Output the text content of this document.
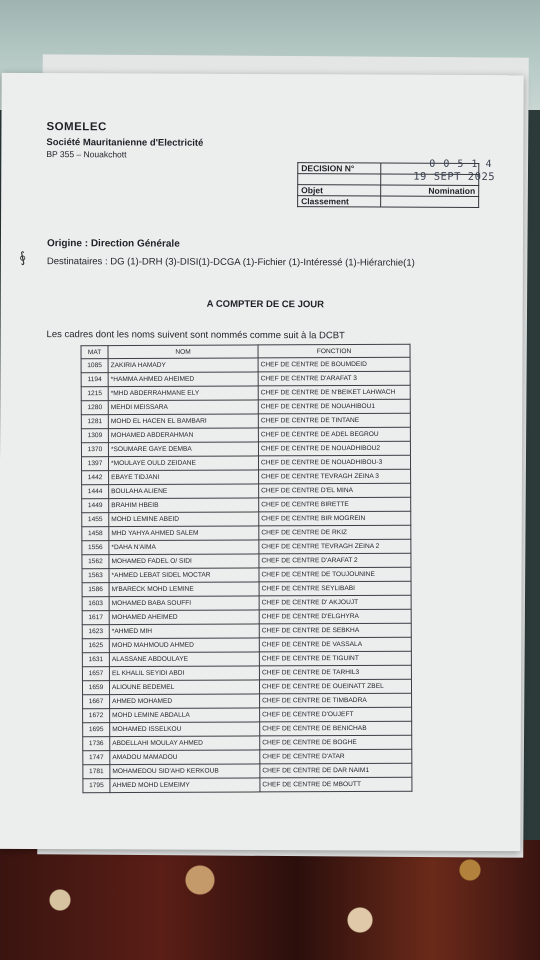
SOMELEC
Société Mauritanienne d'Electricité
BP 355 – Nouakchott
DECISION N°	

Objet	Nomination
Classement	
0 0 5 1 4
19 SEPT 2025
∮
Origine : Direction Générale
Destinataires : DG (1)-DRH (3)-DISI(1)-DCGA (1)-Fichier (1)-Intéressé (1)-Hiérarchie(1)
A COMPTER DE CE JOUR
Les cadres dont les noms suivent sont nommés comme suit à la DCBT
MAT	NOM	FONCTION
1085	ZAKIRIA HAMADY	CHEF DE CENTRE DE BOUMDEID
1194	*HAMMA AHMED AHEIMED	CHEF DE CENTRE D'ARAFAT 3
1215	*MHD ABDERRAHMANE ELY	CHEF DE CENTRE DE N'BEIKET LAHWACH
1280	MEHDI MEISSARA	CHEF DE CENTRE DE NOUAHIBOU1
1281	MOHD EL HACEN EL BAMBARI	CHEF DE CENTRE DE TINTANE
1309	MOHAMED ABDERAHMAN	CHEF DE CENTRE DE ADEL BEGROU
1370	*SOUMARE GAYE DEMBA	CHEF DE CENTRE DE NOUADHIBOU2
1397	*MOULAYE OULD ZEIDANE	CHEF DE CENTRE DE NOUADHIBOU-3
1442	EBAYE TIDJANI	CHEF DE CENTRE TEVRAGH ZEINA 3
1444	BOULAHA ALIENE	CHEF DE CENTRE D'EL MINA
1449	BRAHIM HBEIB	CHEF DE CENTRE BIRETTE
1455	MOHD LEMINE ABEID	CHEF DE CENTRE BIR MOGREIN
1458	MHD YAHYA AHMED SALEM	CHEF DE CENTRE DE RKIZ
1556	*DAHA N'AIMA	CHEF DE CENTRE TEVRAGH ZEINA 2
1562	MOHAMED FADEL O/ SIDI	CHEF DE CENTRE D'ARAFAT 2
1563	*AHMED LEBAT SIDEL MOCTAR	CHEF DE CENTRE DE TOUJOUNINE
1586	M'BARECK MOHD LEMINE	CHEF DE CENTRE SEYLIBABI
1603	MOHAMED BABA SOUFFI	CHEF DE CENTRE D' AKJOUJT
1617	MOHAMED AHEIMED	CHEF DE CENTRE D'ELGHYRA
1623	*AHMED MIH	CHEF DE CENTRE DE SEBKHA
1625	MOHD MAHMOUD AHMED	CHEF DE CENTRE DE VASSALA
1631	ALASSANE ABDOULAYE	CHEF DE CENTRE DE TIGUINT
1657	EL KHALIL SEYIDI ABDI	CHEF DE CENTRE DE TARHIL3
1659	ALIOUNE BEDEMEL	CHEF DE CENTRE DE OUEINATT ZBEL
1667	AHMED MOHAMED	CHEF DE CENTRE DE TIMBADRA
1672	MOHD LEMINE ABDALLA	CHEF DE CENTRE D'OUJEFT
1695	MOHAMED ISSELKOU	CHEF DE CENTRE DE BENICHAB
1736	ABDELLAHI MOULAY AHMED	CHEF DE CENTRE DE BOGHE
1747	AMADOU MAMADOU	CHEF DE CENTRE D'ATAR
1781	MOHAMEDOU SID'AHD KERKOUB	CHEF DE CENTRE DE DAR NAIM1
1795	AHMED MOHD LEMEIMY	CHEF DE CENTRE DE MBOUTT
